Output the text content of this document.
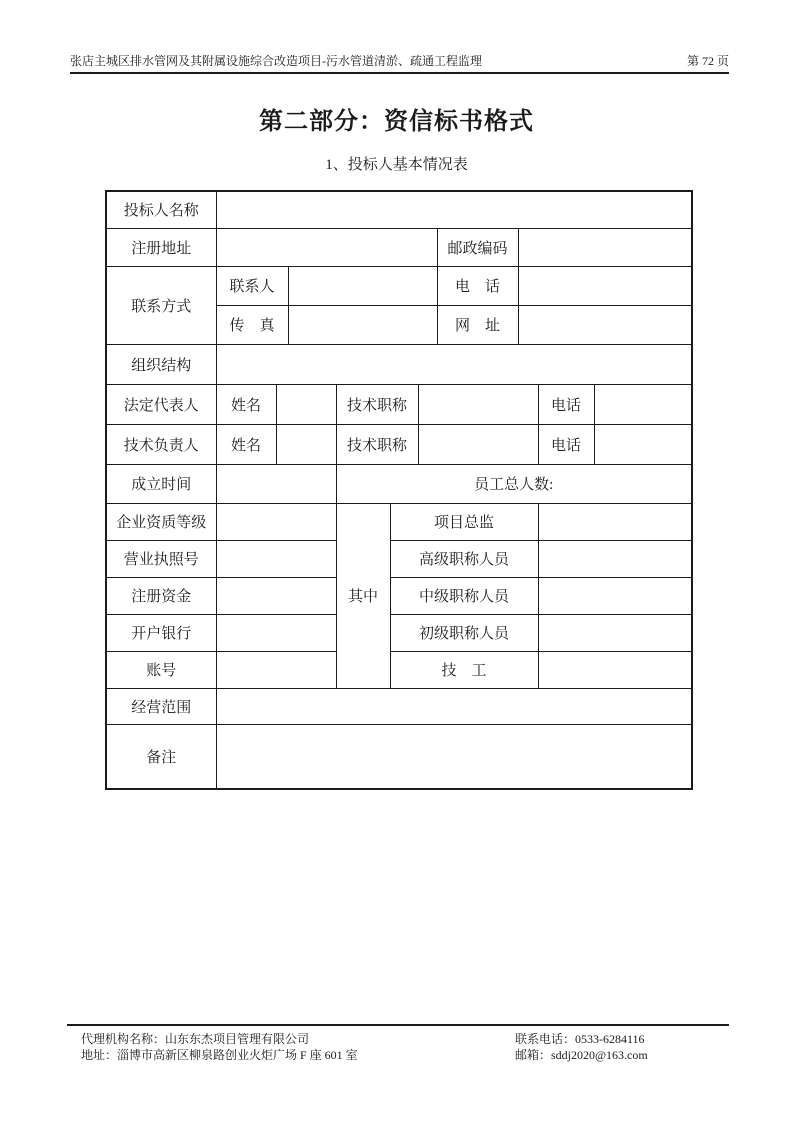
张店主城区排水管网及其附属设施综合改造项目-污水管道清淤、疏通工程监理	第 72 页
第二部分：资信标书格式
1、投标人基本情况表
投标人名称										
注册地址							邮政编码			
联系方式	联系人						电　话			
	传　真						网　址			
组织结构										
法定代表人	姓名			技术职称					电话	
技术负责人	姓名			技术职称					电话	
成立时间				员工总人数:						
企业资质等级				其中	项目总监					
营业执照号					高级职称人员					
注册资金					中级职称人员					
开户银行					初级职称人员					
账号					技　工					
经营范围										
备注										
代理机构名称：山东东杰项目管理有限公司
地址：淄博市高新区柳泉路创业火炬广场 F 座 601 室
联系电话：0533-6284116
邮箱：sddj2020@163.com
